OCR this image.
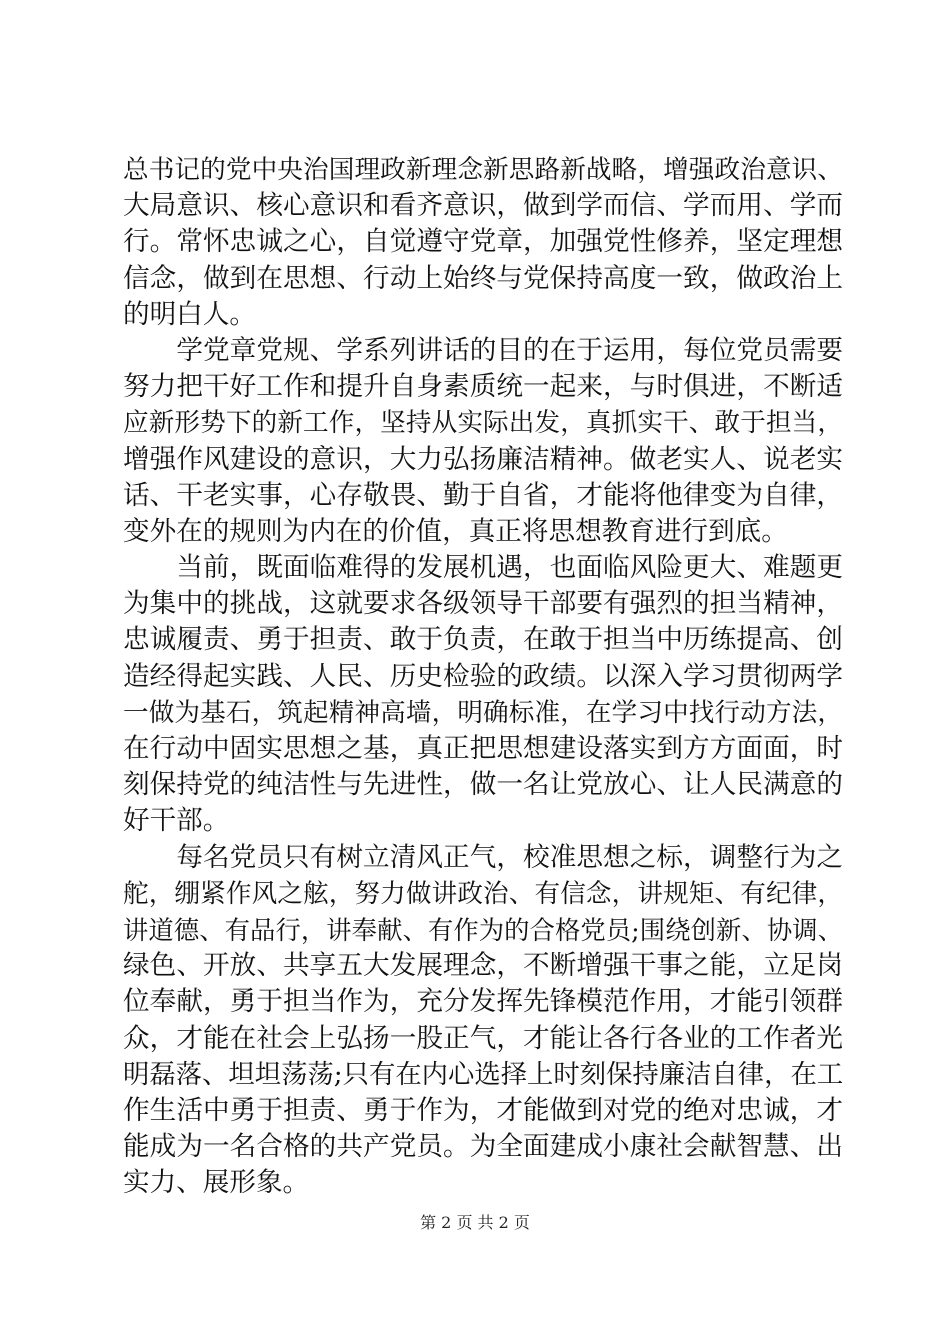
总书记的党中央治国理政新理念新思路新战略，增强政治意识、
大局意识、核心意识和看齐意识，做到学而信、学而用、学而
行。常怀忠诚之心，自觉遵守党章，加强党性修养，坚定理想
信念，做到在思想、行动上始终与党保持高度一致，做政治上
的明白人。
　　学党章党规、学系列讲话的目的在于运用，每位党员需要
努力把干好工作和提升自身素质统一起来，与时俱进，不断适
应新形势下的新工作，坚持从实际出发，真抓实干、敢于担当，
增强作风建设的意识，大力弘扬廉洁精神。做老实人、说老实
话、干老实事，心存敬畏、勤于自省，才能将他律变为自律，
变外在的规则为内在的价值，真正将思想教育进行到底。
　　当前，既面临难得的发展机遇，也面临风险更大、难题更
为集中的挑战，这就要求各级领导干部要有强烈的担当精神，
忠诚履责、勇于担责、敢于负责，在敢于担当中历练提高、创
造经得起实践、人民、历史检验的政绩。以深入学习贯彻两学
一做为基石，筑起精神高墙，明确标准，在学习中找行动方法，
在行动中固实思想之基，真正把思想建设落实到方方面面，时
刻保持党的纯洁性与先进性，做一名让党放心、让人民满意的
好干部。
　　每名党员只有树立清风正气，校准思想之标，调整行为之
舵，绷紧作风之舷，努力做讲政治、有信念，讲规矩、有纪律，
讲道德、有品行，讲奉献、有作为的合格党员;围绕创新、协调、
绿色、开放、共享五大发展理念，不断增强干事之能，立足岗
位奉献，勇于担当作为，充分发挥先锋模范作用，才能引领群
众，才能在社会上弘扬一股正气，才能让各行各业的工作者光
明磊落、坦坦荡荡;只有在内心选择上时刻保持廉洁自律，在工
作生活中勇于担责、勇于作为，才能做到对党的绝对忠诚，才
能成为一名合格的共产党员。为全面建成小康社会献智慧、出
实力、展形象。
第 2 页 共 2 页
